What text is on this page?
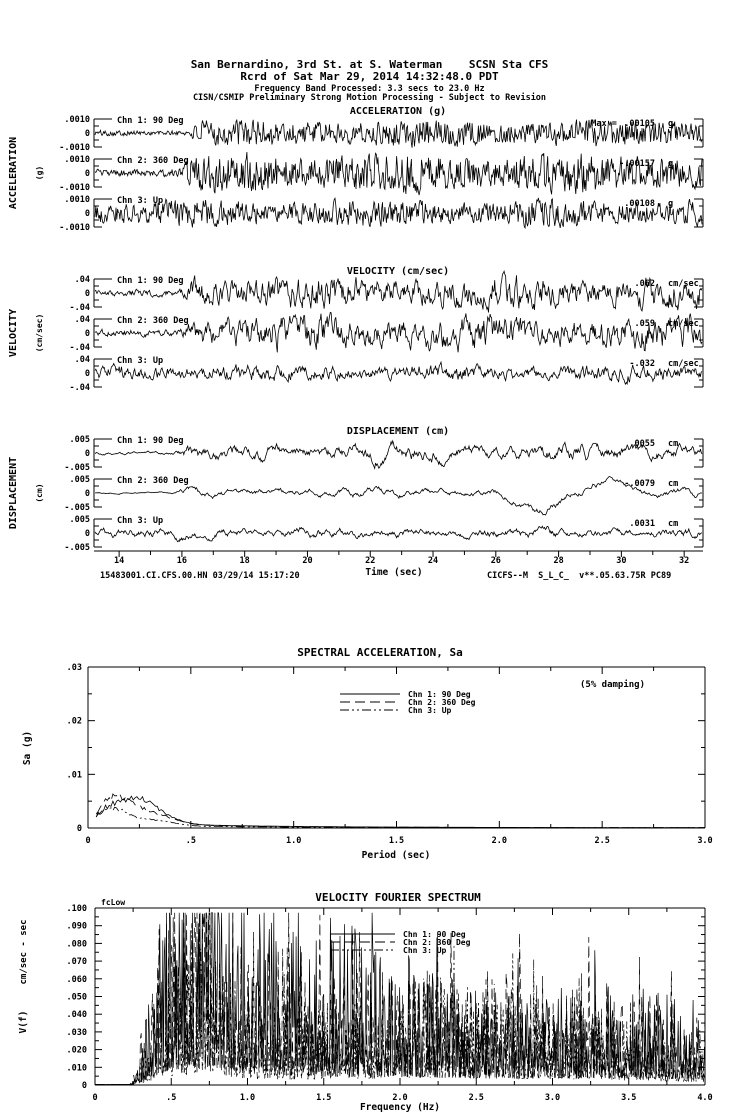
San Bernardino, 3rd St. at S. Waterman    SCSN Sta CFS
Rcrd of Sat Mar 29, 2014 14:32:48.0 PDT
Frequency Band Processed: 3.3 secs to 23.0 Hz
CISN/CSMIP Preliminary Strong Motion Processing - Subject to Revision
ACCELERATION (g)
ACCELERATION (g)
.0010
0
-.0010
Chn 1: 90 Deg	Max = .00105 g
.0010
0
-.0010
Chn 2: 360 Deg	-.00157 g
.0010
0
-.0010
Chn 3: Up	.00108 g
VELOCITY (cm/sec)
VELOCITY (cm/sec)
.04
0
-.04
Chn 1: 90 Deg	.062 cm/sec
.04
0
-.04
Chn 2: 360 Deg	.059 cm/sec
.04
0
-.04
Chn 3: Up	-.032 cm/sec
DISPLACEMENT (cm)
DISPLACEMENT (cm)
.005
0
-.005
Chn 1: 90 Deg	.0055 cm
.005
0
-.005
Chn 2: 360 Deg	-.0079 cm
.005
0
-.005
Chn 3: Up	.0031 cm
14	16	18	20	22	24	26	28	30	32
Time (sec)
.03
.02
.01
0
0	.5	1.0	1.5	2.0	2.5	3.0
Chn 1: 90 Deg
Chn 2: 360 Deg
Chn 3: Up
SPECTRAL ACCELERATION, Sa
(5% damping)
Sa (g)
Period (sec)
.100
.090
.080
.070
.060
.050
.040
.030
.020
.010
0
0	.5	1.0	1.5	2.0	2.5	3.0	3.5	4.0
Chn 1: 90 Deg
Chn 2: 360 Deg
Chn 3: Up
VELOCITY FOURIER SPECTRUM
fcLow
cm/sec - sec
V(f)
Frequency (Hz)
15483001.CI.CFS.00.HN 03/29/14 15:17:20	CICFS--M  S_L_C_  v**.05.63.75R PC89
